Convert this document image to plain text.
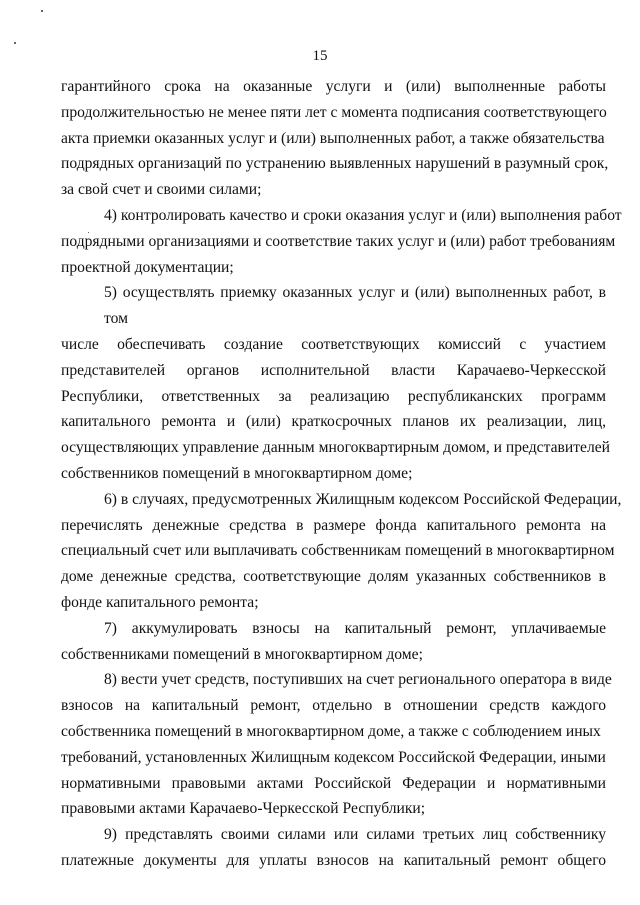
15
гарантийного срока на оказанные услуги и (или) выполненные работы
продолжительностью не менее пяти лет с момента подписания соответствующего
акта приемки оказанных услуг и (или) выполненных работ, а также обязательства
подрядных организаций по устранению выявленных нарушений в разумный срок,
за свой счет и своими силами;
4) контролировать качество и сроки оказания услуг и (или) выполнения работ
подрядными организациями и соответствие таких услуг и (или) работ требованиям
проектной документации;
5) осуществлять приемку оказанных услуг и (или) выполненных работ, в том
числе обеспечивать создание соответствующих комиссий с участием
представителей органов исполнительной власти Карачаево-Черкесской
Республики, ответственных за реализацию республиканских программ
капитального ремонта и (или) краткосрочных планов их реализации, лиц,
осуществляющих управление данным многоквартирным домом, и представителей
собственников помещений в многоквартирном доме;
6) в случаях, предусмотренных Жилищным кодексом Российской Федерации,
перечислять денежные средства в размере фонда капитального ремонта на
специальный счет или выплачивать собственникам помещений в многоквартирном
доме денежные средства, соответствующие долям указанных собственников в
фонде капитального ремонта;
7) аккумулировать взносы на капитальный ремонт, уплачиваемые
собственниками помещений в многоквартирном доме;
8) вести учет средств, поступивших на счет регионального оператора в виде
взносов на капитальный ремонт, отдельно в отношении средств каждого
собственника помещений в многоквартирном доме, а также с соблюдением иных
требований, установленных Жилищным кодексом Российской Федерации, иными
нормативными правовыми актами Российской Федерации и нормативными
правовыми актами Карачаево-Черкесской Республики;
9) представлять своими силами или силами третьих лиц собственнику
платежные документы для уплаты взносов на капитальный ремонт общего
